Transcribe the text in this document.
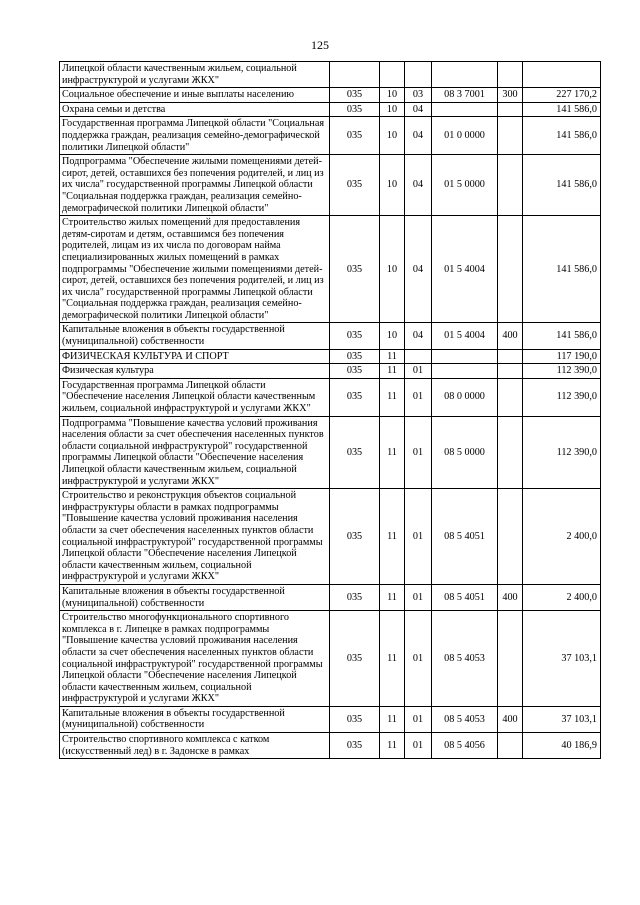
125
Липецкой области качественным жильем, социальной инфраструктурой и услугами ЖКХ"						
Социальное обеспечение и иные выплаты населению	035	10	03	08 3 7001	300	227 170,2
Охрана семьи и детства	035	10	04			141 586,0
Государственная программа Липецкой области "Социальная поддержка граждан, реализация семейно-демографической политики Липецкой области"	035	10	04	01 0 0000		141 586,0
Подпрограмма "Обеспечение жилыми помещениями детей-сирот, детей, оставшихся без попечения родителей, и лиц из их числа" государственной программы Липецкой области "Социальная поддержка граждан, реализация семейно-демографической политики Липецкой области"	035	10	04	01 5 0000		141 586,0
Строительство жилых помещений для предоставления детям-сиротам и детям, оставшимся без попечения родителей, лицам из их числа по договорам найма специализированных жилых помещений в рамках подпрограммы "Обеспечение жилыми помещениями детей-сирот, детей, оставшихся без попечения родителей, и лиц из их числа" государственной программы Липецкой области "Социальная поддержка граждан, реализация семейно-демографической политики Липецкой области"	035	10	04	01 5 4004		141 586,0
Капитальные вложения в объекты государственной (муниципальной) собственности	035	10	04	01 5 4004	400	141 586,0
ФИЗИЧЕСКАЯ КУЛЬТУРА И СПОРТ	035	11				117 190,0
Физическая культура	035	11	01			112 390,0
Государственная программа Липецкой области "Обеспечение населения Липецкой области качественным жильем, социальной инфраструктурой и услугами ЖКХ"	035	11	01	08 0 0000		112 390,0
Подпрограмма "Повышение качества условий проживания населения области за счет обеспечения населенных пунктов области социальной инфраструктурой" государственной программы Липецкой области "Обеспечение населения Липецкой области качественным жильем, социальной инфраструктурой и услугами ЖКХ"	035	11	01	08 5 0000		112 390,0
Строительство и реконструкция объектов социальной инфраструктуры области в рамках подпрограммы "Повышение качества условий проживания населения области за счет обеспечения населенных пунктов области социальной инфраструктурой" государственной программы Липецкой области "Обеспечение населения Липецкой области качественным жильем, социальной инфраструктурой и услугами ЖКХ"	035	11	01	08 5 4051		2 400,0
Капитальные вложения в объекты государственной (муниципальной) собственности	035	11	01	08 5 4051	400	2 400,0
Строительство многофункционального спортивного комплекса в г. Липецке в рамках подпрограммы "Повышение качества условий проживания населения области за счет обеспечения населенных пунктов области социальной инфраструктурой" государственной программы Липецкой области "Обеспечение населения Липецкой области качественным жильем, социальной инфраструктурой и услугами ЖКХ"	035	11	01	08 5 4053		37 103,1
Капитальные вложения в объекты государственной (муниципальной) собственности	035	11	01	08 5 4053	400	37 103,1
Строительство спортивного комплекса с катком (искусственный лед) в г. Задонске в рамках	035	11	01	08 5 4056		40 186,9
